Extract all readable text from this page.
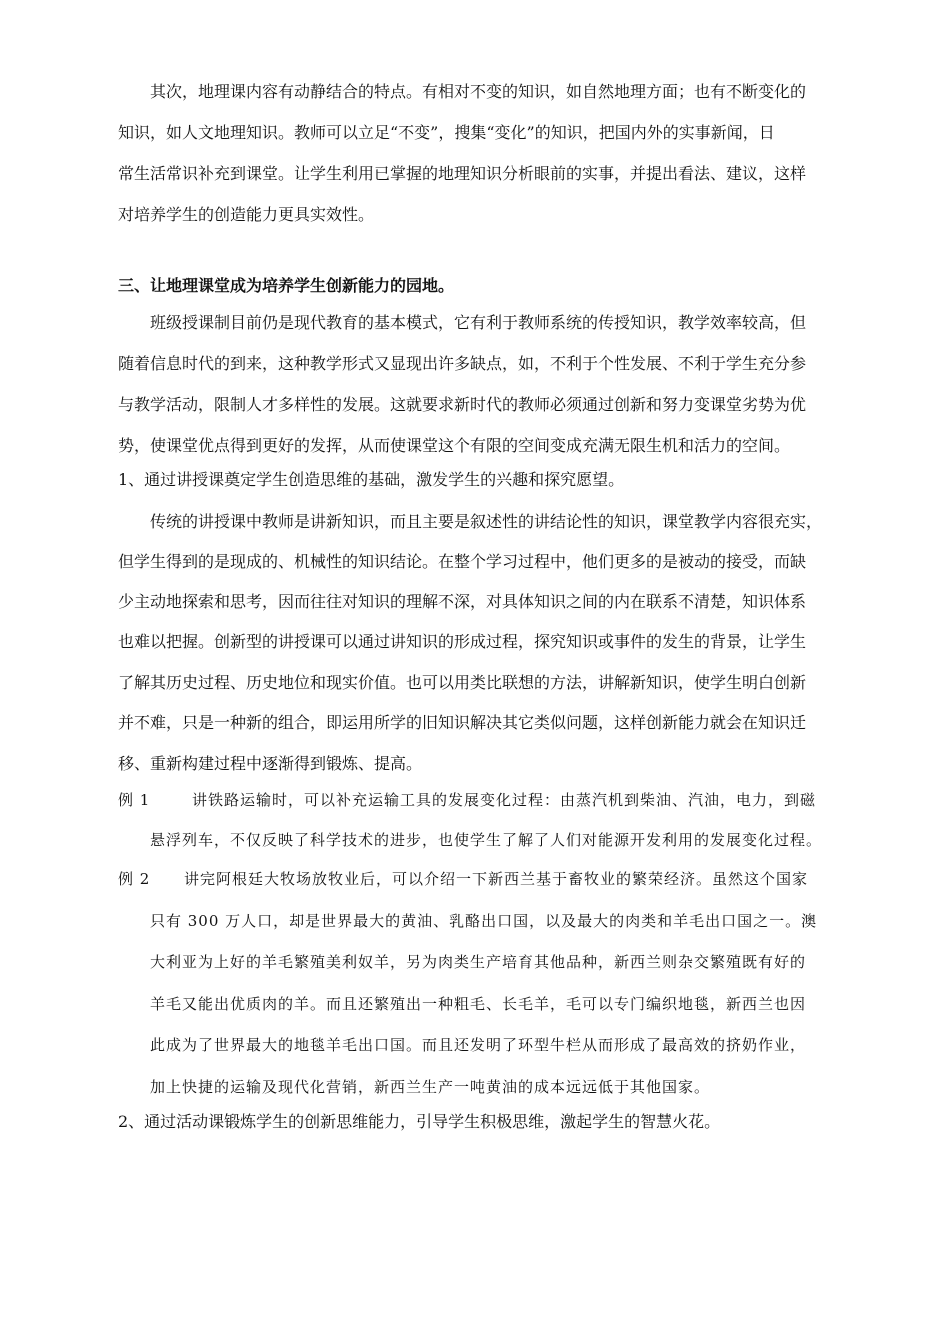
其次，地理课内容有动静结合的特点。有相对不变的知识，如自然地理方面；也有不断变化的
知识，如人文地理知识。教师可以立足“不变”，搜集“变化”的知识，把国内外的实事新闻，日
常生活常识补充到课堂。让学生利用已掌握的地理知识分析眼前的实事，并提出看法、建议，这样
对培养学生的创造能力更具实效性。
三、让地理课堂成为培养学生创新能力的园地。
班级授课制目前仍是现代教育的基本模式，它有利于教师系统的传授知识，教学效率较高，但
随着信息时代的到来，这种教学形式又显现出许多缺点，如，不利于个性发展、不利于学生充分参
与教学活动，限制人才多样性的发展。这就要求新时代的教师必须通过创新和努力变课堂劣势为优
势，使课堂优点得到更好的发挥，从而使课堂这个有限的空间变成充满无限生机和活力的空间。
1、通过讲授课奠定学生创造思维的基础，激发学生的兴趣和探究愿望。
传统的讲授课中教师是讲新知识，而且主要是叙述性的讲结论性的知识，课堂教学内容很充实，
但学生得到的是现成的、机械性的知识结论。在整个学习过程中，他们更多的是被动的接受，而缺
少主动地探索和思考，因而往往对知识的理解不深，对具体知识之间的内在联系不清楚，知识体系
也难以把握。创新型的讲授课可以通过讲知识的形成过程，探究知识或事件的发生的背景，让学生
了解其历史过程、历史地位和现实价值。也可以用类比联想的方法，讲解新知识，使学生明白创新
并不难，只是一种新的组合，即运用所学的旧知识解决其它类似问题，这样创新能力就会在知识迁
移、重新构建过程中逐渐得到锻炼、提高。
例 1	讲铁路运输时，可以补充运输工具的发展变化过程：由蒸汽机到柴油、汽油，电力，到磁
悬浮列车，不仅反映了科学技术的进步，也使学生了解了人们对能源开发利用的发展变化过程。
例 2 讲完阿根廷大牧场放牧业后，可以介绍一下新西兰基于畜牧业的繁荣经济。虽然这个国家
只有 300 万人口，却是世界最大的黄油、乳酪出口国，以及最大的肉类和羊毛出口国之一。澳
大利亚为上好的羊毛繁殖美利奴羊，另为肉类生产培育其他品种，新西兰则杂交繁殖既有好的
羊毛又能出优质肉的羊。而且还繁殖出一种粗毛、长毛羊，毛可以专门编织地毯，新西兰也因
此成为了世界最大的地毯羊毛出口国。而且还发明了环型牛栏从而形成了最高效的挤奶作业，
加上快捷的运输及现代化营销，新西兰生产一吨黄油的成本远远低于其他国家。
2、通过活动课锻炼学生的创新思维能力，引导学生积极思维，激起学生的智慧火花。
